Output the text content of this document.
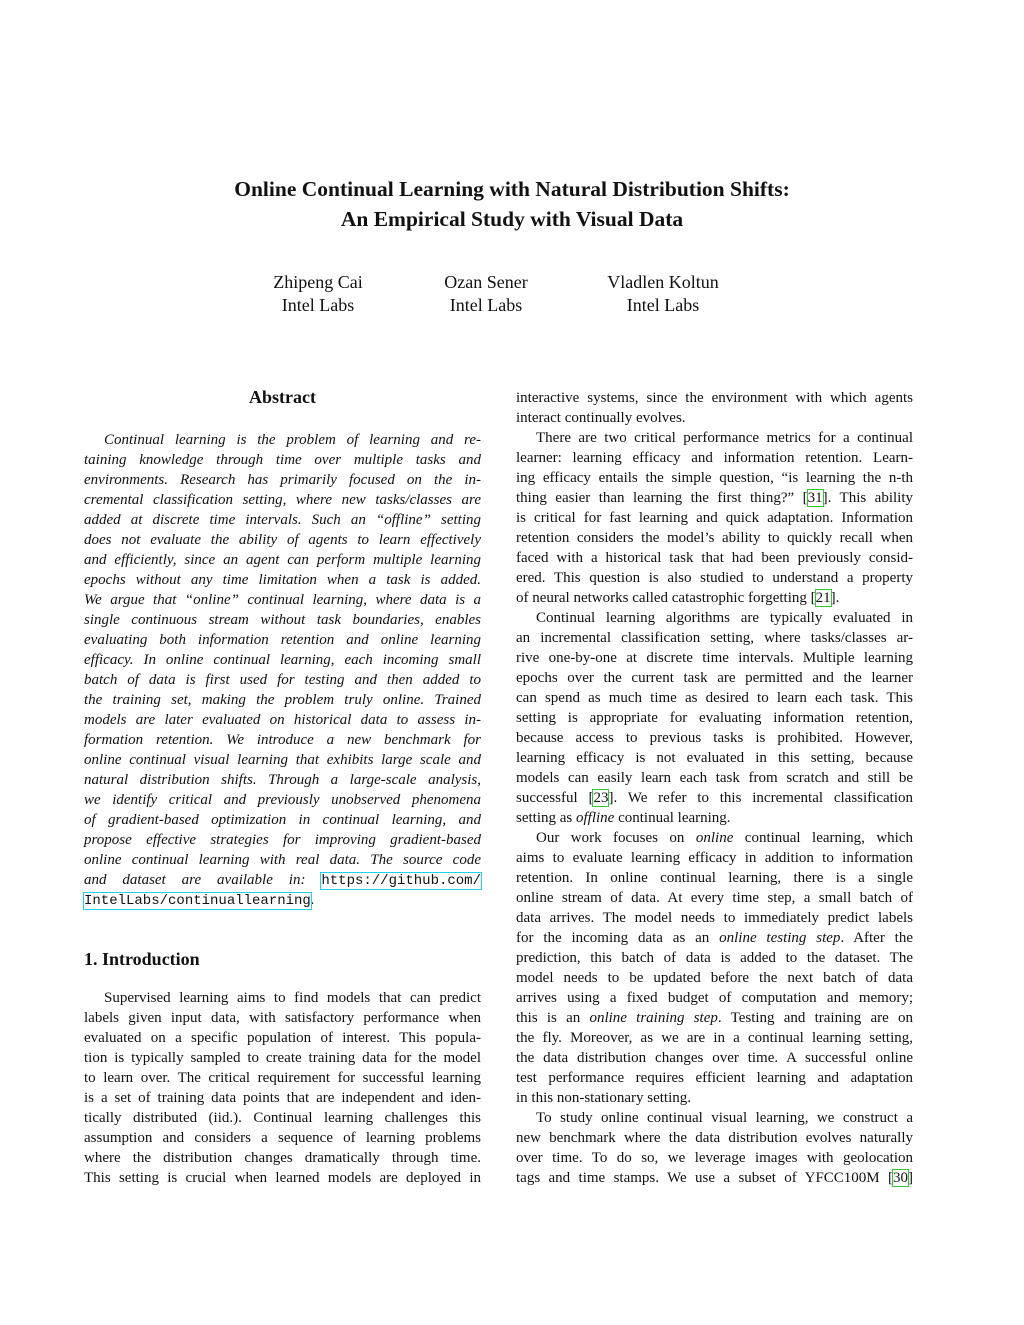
Online Continual Learning with Natural Distribution Shifts:
An Empirical Study with Visual Data
Zhipeng Cai
Intel Labs
Ozan Sener
Intel Labs
Vladlen Koltun
Intel Labs
Abstract
Continual learning is the problem of learning and re-
taining knowledge through time over multiple tasks and
environments. Research has primarily focused on the in-
cremental classification setting, where new tasks/classes are
added at discrete time intervals. Such an “offline” setting
does not evaluate the ability of agents to learn effectively
and efficiently, since an agent can perform multiple learning
epochs without any time limitation when a task is added.
We argue that “online” continual learning, where data is a
single continuous stream without task boundaries, enables
evaluating both information retention and online learning
efficacy. In online continual learning, each incoming small
batch of data is first used for testing and then added to
the training set, making the problem truly online. Trained
models are later evaluated on historical data to assess in-
formation retention. We introduce a new benchmark for
online continual visual learning that exhibits large scale and
natural distribution shifts. Through a large-scale analysis,
we identify critical and previously unobserved phenomena
of gradient-based optimization in continual learning, and
propose effective strategies for improving gradient-based
online continual learning with real data. The source code
and dataset are available in: https://github.com/
IntelLabs/continuallearning.
1. Introduction
Supervised learning aims to find models that can predict
labels given input data, with satisfactory performance when
evaluated on a specific population of interest. This popula-
tion is typically sampled to create training data for the model
to learn over. The critical requirement for successful learning
is a set of training data points that are independent and iden-
tically distributed (iid.). Continual learning challenges this
assumption and considers a sequence of learning problems
where the distribution changes dramatically through time.
This setting is crucial when learned models are deployed in
interactive systems, since the environment with which agents
interact continually evolves.
There are two critical performance metrics for a continual
learner: learning efficacy and information retention. Learn-
ing efficacy entails the simple question, “is learning the n-th
thing easier than learning the first thing?” [31]. This ability
is critical for fast learning and quick adaptation. Information
retention considers the model’s ability to quickly recall when
faced with a historical task that had been previously consid-
ered. This question is also studied to understand a property
of neural networks called catastrophic forgetting [21].
Continual learning algorithms are typically evaluated in
an incremental classification setting, where tasks/classes ar-
rive one-by-one at discrete time intervals. Multiple learning
epochs over the current task are permitted and the learner
can spend as much time as desired to learn each task. This
setting is appropriate for evaluating information retention,
because access to previous tasks is prohibited. However,
learning efficacy is not evaluated in this setting, because
models can easily learn each task from scratch and still be
successful [23]. We refer to this incremental classification
setting as offline continual learning.
Our work focuses on online continual learning, which
aims to evaluate learning efficacy in addition to information
retention. In online continual learning, there is a single
online stream of data. At every time step, a small batch of
data arrives. The model needs to immediately predict labels
for the incoming data as an online testing step. After the
prediction, this batch of data is added to the dataset. The
model needs to be updated before the next batch of data
arrives using a fixed budget of computation and memory;
this is an online training step. Testing and training are on
the fly. Moreover, as we are in a continual learning setting,
the data distribution changes over time. A successful online
test performance requires efficient learning and adaptation
in this non-stationary setting.
To study online continual visual learning, we construct a
new benchmark where the data distribution evolves naturally
over time. To do so, we leverage images with geolocation
tags and time stamps. We use a subset of YFCC100M [30]
